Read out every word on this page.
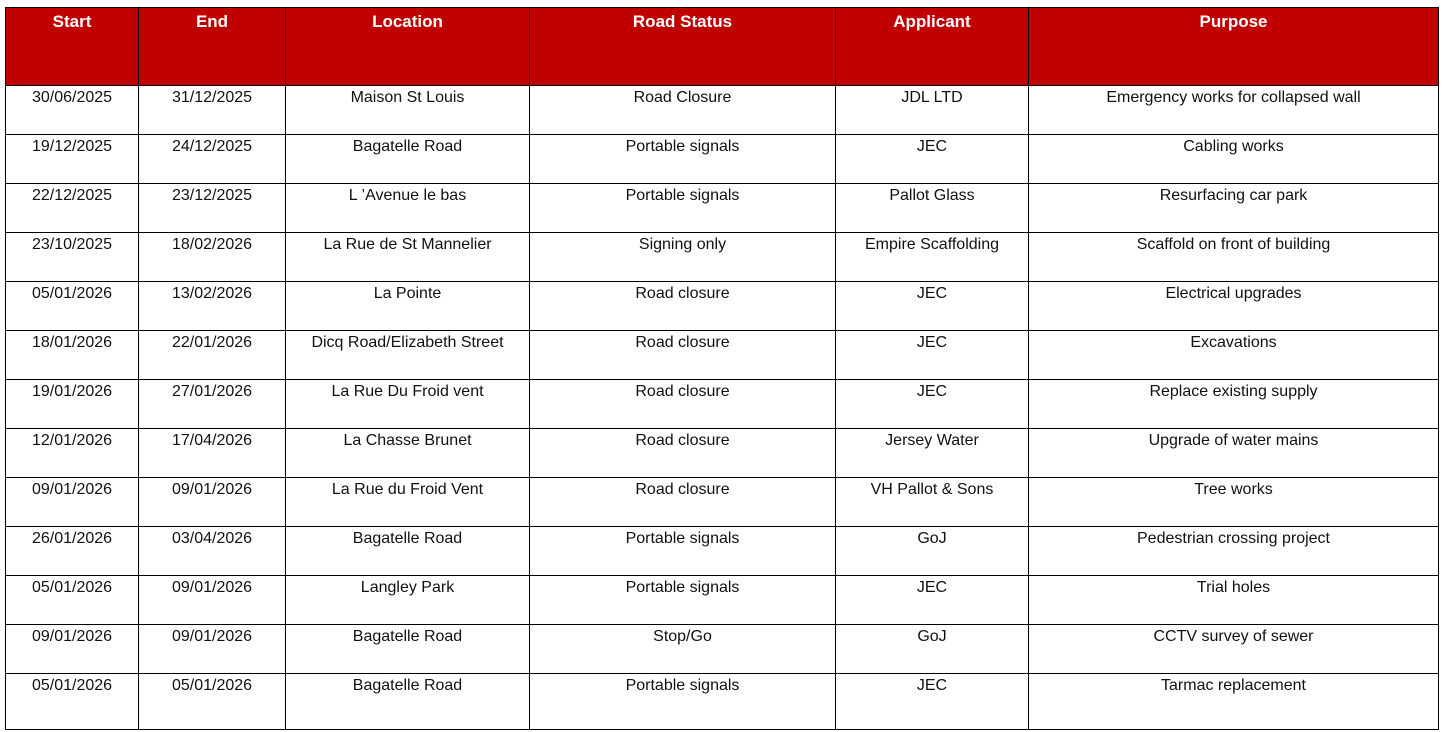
Start	End	Location	Road Status	Applicant	Purpose
30/06/2025	31/12/2025	Maison St Louis	Road Closure	JDL LTD	Emergency works for collapsed wall
19/12/2025	24/12/2025	Bagatelle Road	Portable signals	JEC	Cabling works
22/12/2025	23/12/2025	L ’Avenue le bas	Portable signals	Pallot Glass	Resurfacing car park
23/10/2025	18/02/2026	La Rue de St Mannelier	Signing only	Empire Scaffolding	Scaffold on front of building
05/01/2026	13/02/2026	La Pointe	Road closure	JEC	Electrical upgrades
18/01/2026	22/01/2026	Dicq Road/Elizabeth Street	Road closure	JEC	Excavations
19/01/2026	27/01/2026	La Rue Du Froid vent	Road closure	JEC	Replace existing supply
12/01/2026	17/04/2026	La Chasse Brunet	Road closure	Jersey Water	Upgrade of water mains
09/01/2026	09/01/2026	La Rue du Froid Vent	Road closure	VH Pallot & Sons	Tree works
26/01/2026	03/04/2026	Bagatelle Road	Portable signals	GoJ	Pedestrian crossing project
05/01/2026	09/01/2026	Langley Park	Portable signals	JEC	Trial holes
09/01/2026	09/01/2026	Bagatelle Road	Stop/Go	GoJ	CCTV survey of sewer
05/01/2026	05/01/2026	Bagatelle Road	Portable signals	JEC	Tarmac replacement
